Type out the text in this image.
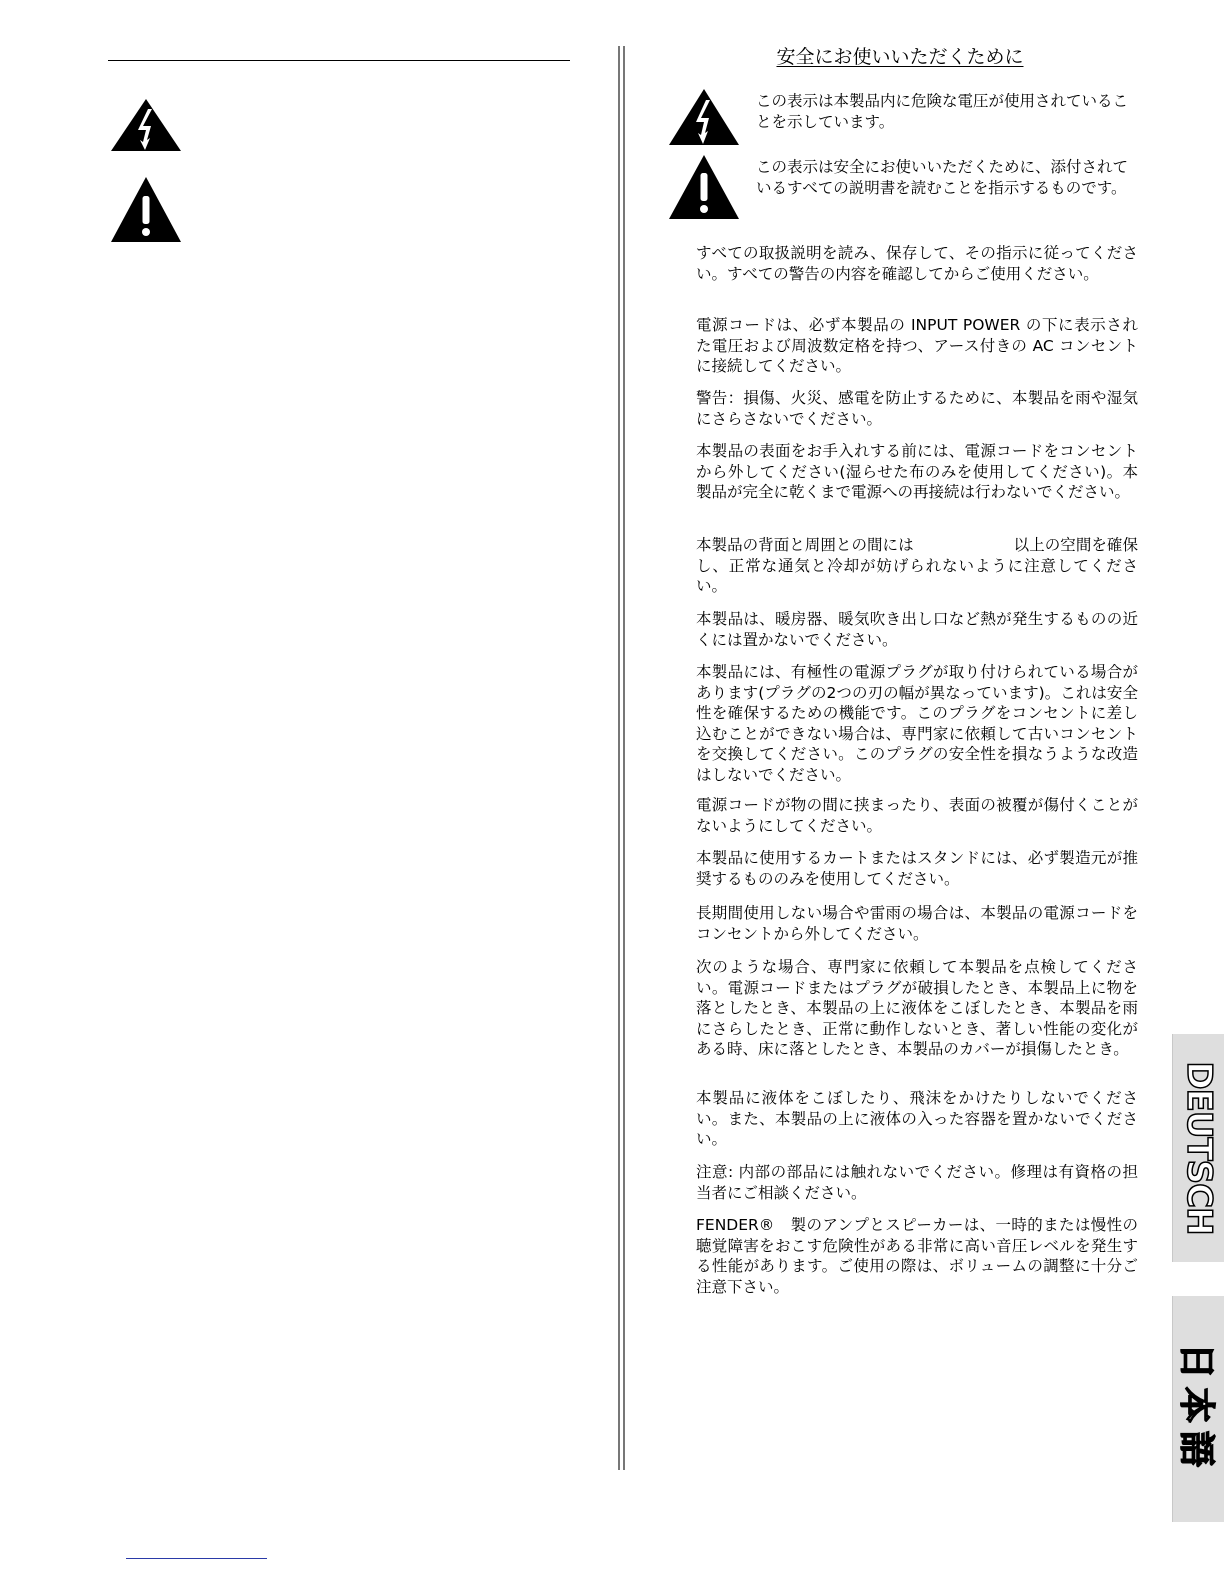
安全にお使いいただくために
この表示は本製品内に危険な電圧が使用されていることを示しています。
この表示は安全にお使いいただくために、添付されているすべての説明書を読むことを指示するものです。
すべての取扱説明を読み、保存して、その指示に従ってください。すべての警告の内容を確認してからご使用ください。
電源コードは、必ず本製品の INPUT POWER の下に表示された電圧および周波数定格を持つ、アース付きの AC コンセントに接続してください。
警告：損傷、火災、感電を防止するために、本製品を雨や湿気にさらさないでください。
本製品の表面をお手入れする前には、電源コードをコンセントから外してください(湿らせた布のみを使用してください)。本製品が完全に乾くまで電源への再接続は行わないでください。
本製品の背面と周囲との間には	以上の空間を確保し、正常な通気と冷却が妨げられないように注意してください。
本製品は、暖房器、暖気吹き出し口など熱が発生するものの近くには置かないでください。
本製品には、有極性の電源プラグが取り付けられている場合があります(プラグの2つの刃の幅が異なっています)。これは安全性を確保するための機能です。このプラグをコンセントに差し込むことができない場合は、専門家に依頼して古いコンセントを交換してください。このプラグの安全性を損なうような改造はしないでください。
電源コードが物の間に挟まったり、表面の被覆が傷付くことがないようにしてください。
本製品に使用するカートまたはスタンドには、必ず製造元が推奨するもののみを使用してください。
長期間使用しない場合や雷雨の場合は、本製品の電源コードをコンセントから外してください。
次のような場合、専門家に依頼して本製品を点検してください。電源コードまたはプラグが破損したとき、本製品上に物を落としたとき、本製品の上に液体をこぼしたとき、本製品を雨にさらしたとき、正常に動作しないとき、著しい性能の変化がある時、床に落としたとき、本製品のカバーが損傷したとき。
本製品に液体をこぼしたり、飛沫をかけたりしないでください。また、本製品の上に液体の入った容器を置かないでください。
注意: 内部の部品には触れないでください。修理は有資格の担当者にご相談ください。
FENDER®　 製のアンプとスピーカーは、一時的または慢性の聴覚障害をおこす危険性がある非常に高い音圧レベルを発生する性能があります。ご使用の際は、ボリュームの調整に十分ご注意下さい。
DEUTSCH
日本語
